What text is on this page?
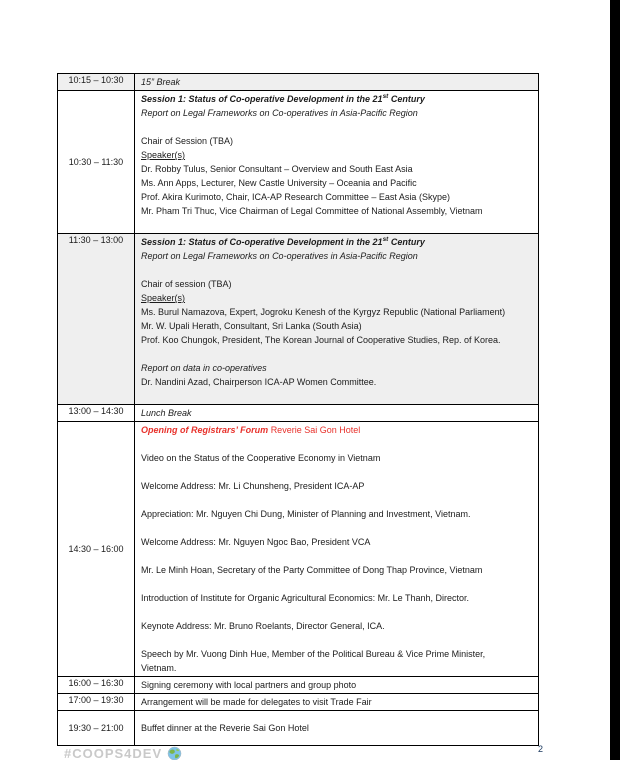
10:15 – 10:30 15” Break
10:30 – 11:30
Session 1: Status of Co-operative Development in the 21st Century
Report on Legal Frameworks on Co-operatives in Asia-Pacific Region

Chair of Session (TBA)
Speaker(s)
Dr. Robby Tulus, Senior Consultant – Overview and South East Asia
Ms. Ann Apps, Lecturer, New Castle University – Oceania and Pacific
Prof. Akira Kurimoto, Chair, ICA-AP Research Committee – East Asia (Skype)
Mr. Pham Tri Thuc, Vice Chairman of Legal Committee of National Assembly, Vietnam

11:30 – 13:00 Session 1: Status of Co-operative Development in the 21st Century
Report on Legal Frameworks on Co-operatives in Asia-Pacific Region

Chair of session (TBA)
Speaker(s)
Ms. Burul Namazova, Expert, Jogroku Kenesh of the Kyrgyz Republic (National Parliament)
Mr. W. Upali Herath, Consultant, Sri Lanka (South Asia)
Prof. Koo Chungok, President, The Korean Journal of Cooperative Studies, Rep. of Korea.

Report on data in co-operatives
Dr. Nandini Azad, Chairperson ICA-AP Women Committee.

13:00 – 14:30 Lunch Break
14:30 – 16:00
Opening of Registrars’ Forum Reverie Sai Gon Hotel

Video on the Status of the Cooperative Economy in Vietnam

Welcome Address: Mr. Li Chunsheng, President ICA-AP

Appreciation: Mr. Nguyen Chi Dung, Minister of Planning and Investment, Vietnam.

Welcome Address: Mr. Nguyen Ngoc Bao, President VCA

Mr. Le Minh Hoan, Secretary of the Party Committee of Dong Thap Province, Vietnam

Introduction of Institute for Organic Agricultural Economics: Mr. Le Thanh, Director.

Keynote Address: Mr. Bruno Roelants, Director General, ICA.

Speech by Mr. Vuong Dinh Hue, Member of the Political Bureau & Vice Prime Minister,
Vietnam.
16:00 – 16:30 Signing ceremony with local partners and group photo
17:00 – 19:30 Arrangement will be made for delegates to visit Trade Fair
19:30 – 21:00 Buffet dinner at the Reverie Sai Gon Hotel
#COOPS4DEV	2
